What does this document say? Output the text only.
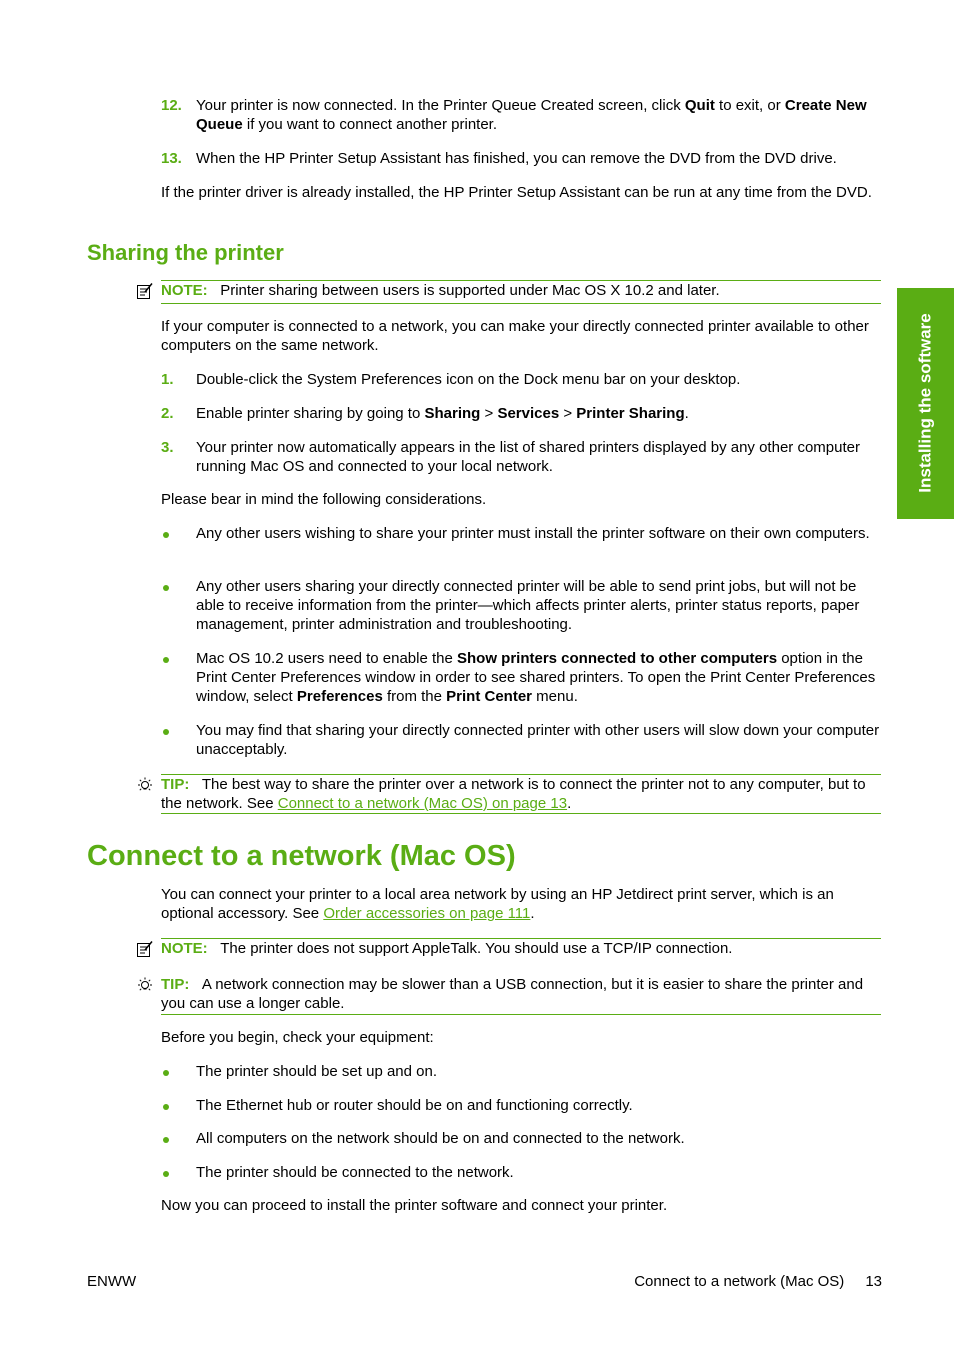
Installing the software
12. Your printer is now connected. In the Printer Queue Created screen, click Quit to exit, or Create New Queue if you want to connect another printer.
13. When the HP Printer Setup Assistant has finished, you can remove the DVD from the DVD drive.
If the printer driver is already installed, the HP Printer Setup Assistant can be run at any time from the DVD.
Sharing the printer
NOTE: Printer sharing between users is supported under Mac OS X 10.2 and later.
If your computer is connected to a network, you can make your directly connected printer available to other computers on the same network.
1. Double-click the System Preferences icon on the Dock menu bar on your desktop.
2. Enable printer sharing by going to Sharing > Services > Printer Sharing.
3. Your printer now automatically appears in the list of shared printers displayed by any other computer running Mac OS and connected to your local network.
Please bear in mind the following considerations.
Any other users wishing to share your printer must install the printer software on their own computers.
Any other users sharing your directly connected printer will be able to send print jobs, but will not be able to receive information from the printer—which affects printer alerts, printer status reports, paper management, printer administration and troubleshooting.
Mac OS 10.2 users need to enable the Show printers connected to other computers option in the Print Center Preferences window in order to see shared printers. To open the Print Center Preferences window, select Preferences from the Print Center menu.
You may find that sharing your directly connected printer with other users will slow down your computer unacceptably.
TIP: The best way to share the printer over a network is to connect the printer not to any computer, but to the network. See Connect to a network (Mac OS) on page 13.
Connect to a network (Mac OS)
You can connect your printer to a local area network by using an HP Jetdirect print server, which is an optional accessory. See Order accessories on page 111.
NOTE: The printer does not support AppleTalk. You should use a TCP/IP connection.
TIP: A network connection may be slower than a USB connection, but it is easier to share the printer and you can use a longer cable.
Before you begin, check your equipment:
The printer should be set up and on.
The Ethernet hub or router should be on and functioning correctly.
All computers on the network should be on and connected to the network.
The printer should be connected to the network.
Now you can proceed to install the printer software and connect your printer.
ENWW	Connect to a network (Mac OS) 13
